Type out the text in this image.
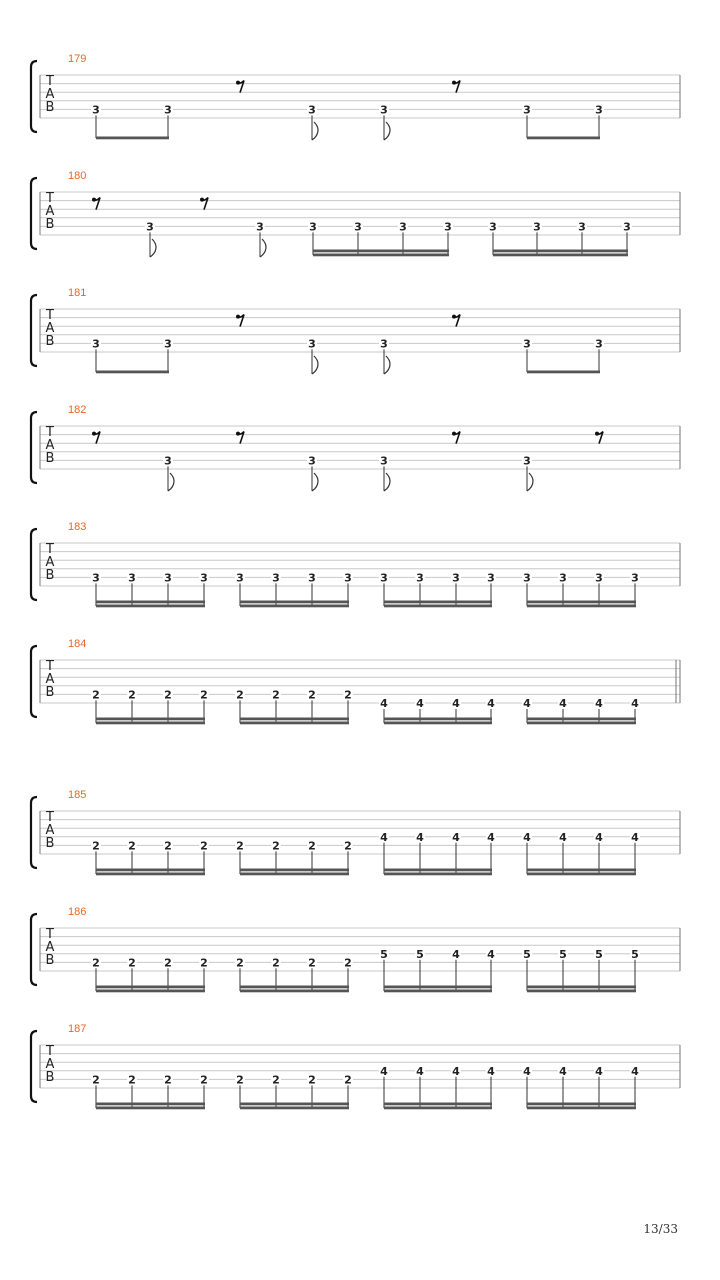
T
A
B
179
3	3	3	3	3	3
T
A
B
180
3	3	3	3	3	3	3	3	3	3
T
A
B
181
3	3	3	3	3	3
T
A
B
182
3	3	3	3
T
A
B
183
3	3	3	3	3	3	3	3	3	3	3 3	3	3	3	3
T
A
B
184
2	2	2	2	2	2	2	2
4	4	4 4	4	4	4	4
T
A
B
185
2	2	2	2	2	2	2	2
4	4	4 4	4	4	4	4
T
A
B
186
2	2	2	2	2	2	2	2
5	5	4 4	5	5	5	5
T
A
B
187
2	2	2	2	2	2	2	2
4	4	4 4	4	4	4	4
13/33
